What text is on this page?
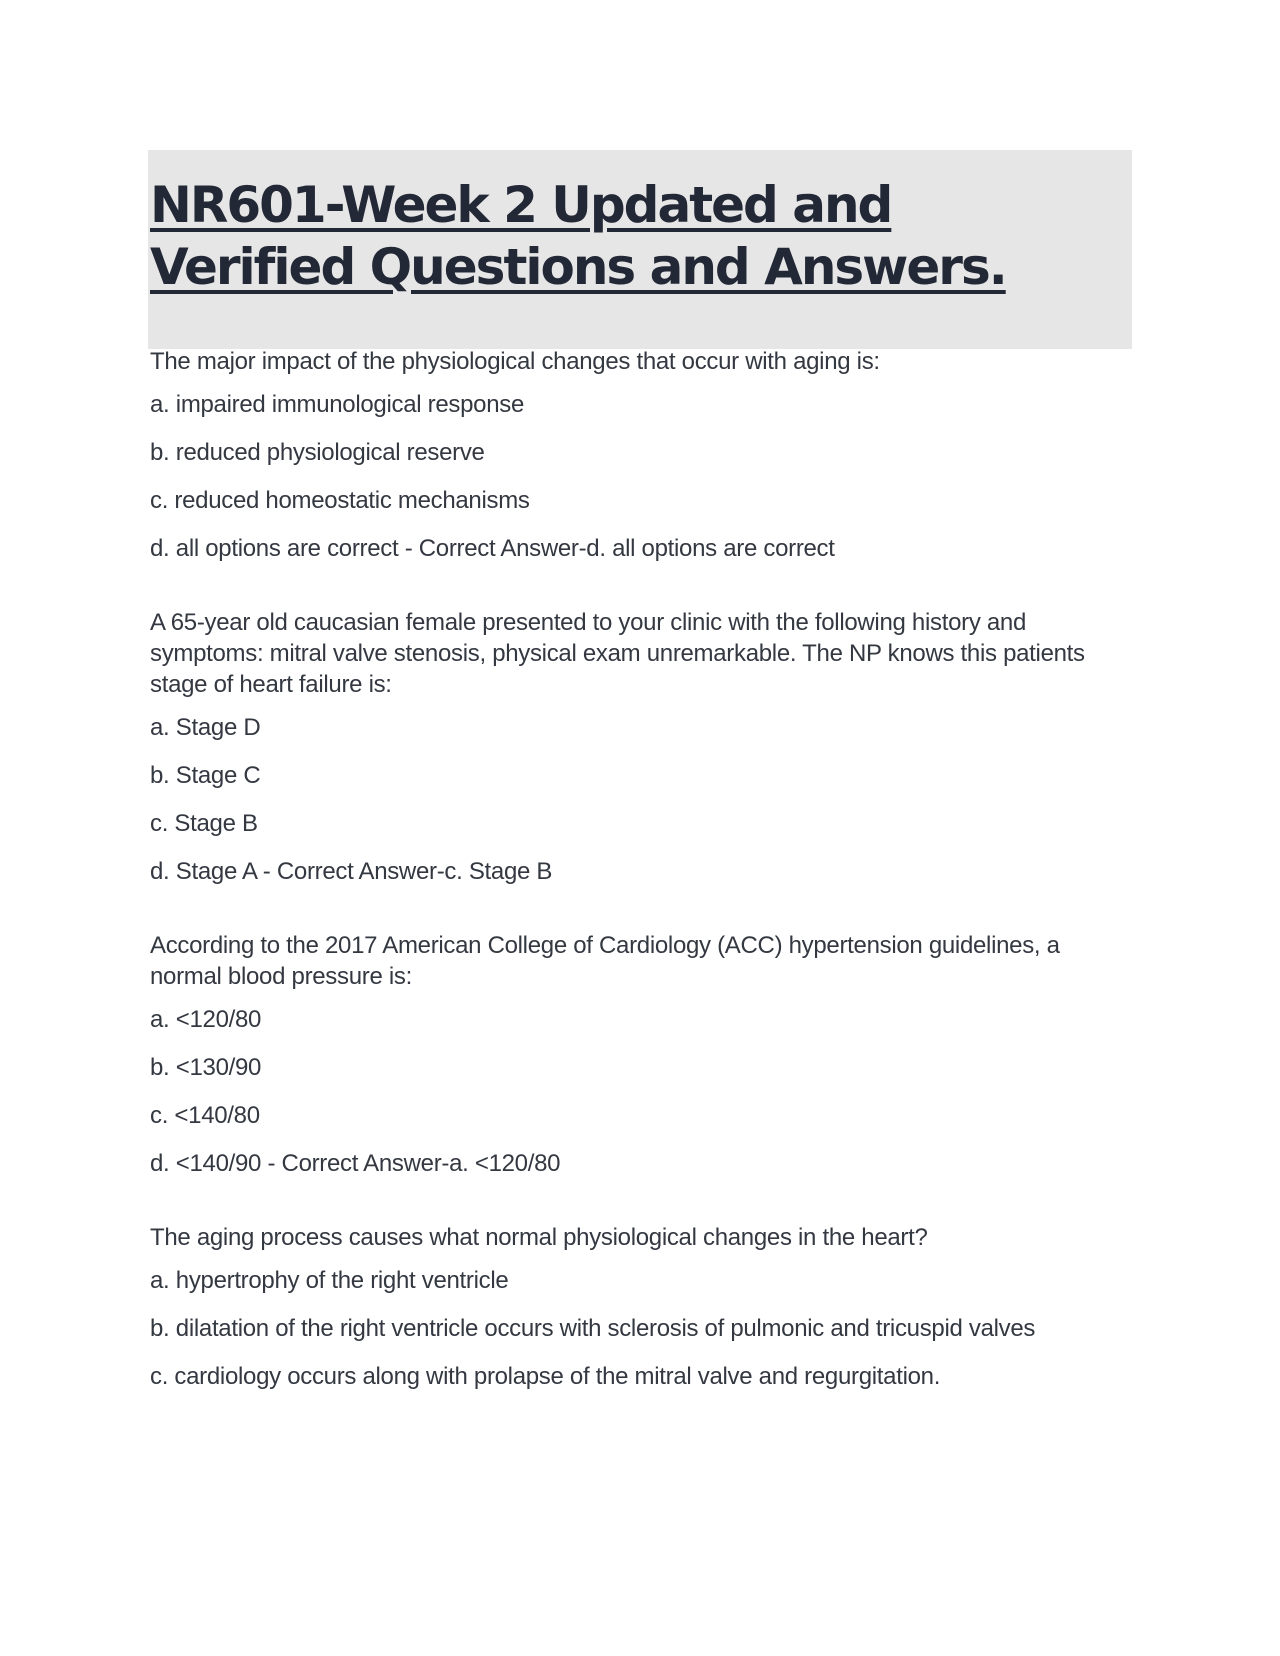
NR601-Week 2 Updated and Verified Questions and Answers.

The major impact of the physiological changes that occur with aging is:

a. impaired immunological response

b. reduced physiological reserve

c. reduced homeostatic mechanisms

d. all options are correct - Correct Answer-d. all options are correct

A 65-year old caucasian female presented to your clinic with the following history and symptoms: mitral valve stenosis, physical exam unremarkable. The NP knows this patients stage of heart failure is:

a. Stage D

b. Stage C

c. Stage B

d. Stage A - Correct Answer-c. Stage B

According to the 2017 American College of Cardiology (ACC) hypertension guidelines, a normal blood pressure is:

a. <120/80

b. <130/90

c. <140/80

d. <140/90 - Correct Answer-a. <120/80

The aging process causes what normal physiological changes in the heart?

a. hypertrophy of the right ventricle

b. dilatation of the right ventricle occurs with sclerosis of pulmonic and tricuspid valves

c. cardiology occurs along with prolapse of the mitral valve and regurgitation.
